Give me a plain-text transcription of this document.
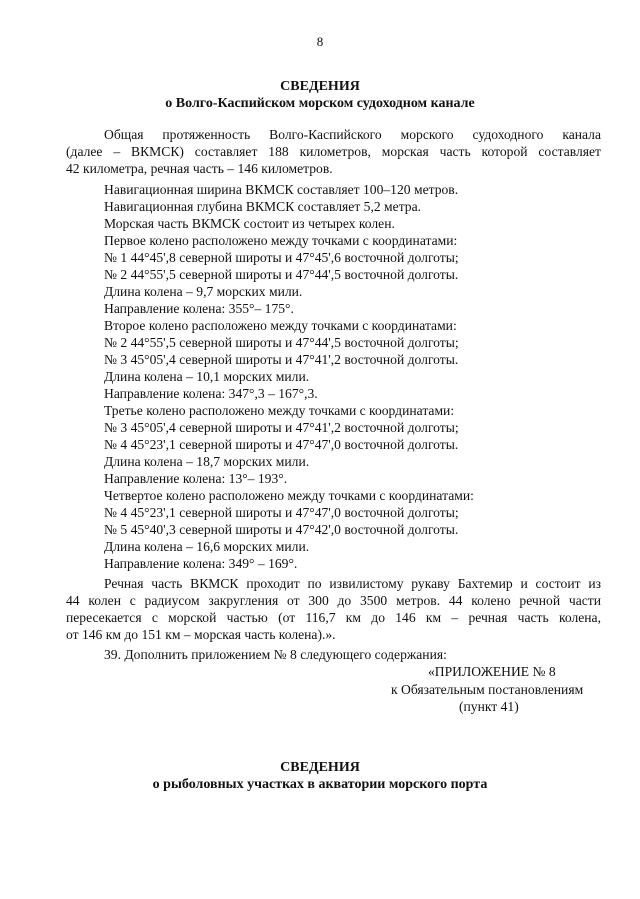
8
СВЕДЕНИЯ
о Волго-Каспийском морском судоходном канале
Общая протяженность Волго-Каспийского морского судоходного канала
(далее – ВКМСК) составляет 188 километров, морская часть которой составляет
42 километра, речная часть – 146 километров.
Навигационная ширина ВКМСК составляет 100–120 метров.
Навигационная глубина ВКМСК составляет 5,2 метра.
Морская часть ВКМСК состоит из четырех колен.
Первое колено расположено между точками с координатами:
№ 1 44°45',8 северной широты и 47°45',6 восточной долготы;
№ 2 44°55',5 северной широты и 47°44',5 восточной долготы.
Длина колена – 9,7 морских мили.
Направление колена: 355°– 175°.
Второе колено расположено между точками с координатами:
№ 2 44°55',5 северной широты и 47°44',5 восточной долготы;
№ 3 45°05',4 северной широты и 47°41',2 восточной долготы.
Длина колена – 10,1 морских мили.
Направление колена: 347°,3 – 167°,3.
Третье колено расположено между точками с координатами:
№ 3 45°05',4 северной широты и 47°41',2 восточной долготы;
№ 4 45°23',1 северной широты и 47°47',0 восточной долготы.
Длина колена – 18,7 морских мили.
Направление колена: 13°– 193°.
Четвертое колено расположено между точками с координатами:
№ 4 45°23',1 северной широты и 47°47',0 восточной долготы;
№ 5 45°40',3 северной широты и 47°42',0 восточной долготы.
Длина колена – 16,6 морских мили.
Направление колена: 349° – 169°.
Речная часть ВКМСК проходит по извилистому рукаву Бахтемир и состоит из
44 колен с радиусом закругления от 300 до 3500 метров. 44 колено речной части
пересекается с морской частью (от 116,7 км до 146 км – речная часть колена,
от 146 км до 151 км – морская часть колена).».
39. Дополнить приложением № 8 следующего содержания:
«ПРИЛОЖЕНИЕ № 8
к Обязательным постановлениям
(пункт 41)
СВЕДЕНИЯ
о рыболовных участках в акватории морского порта
